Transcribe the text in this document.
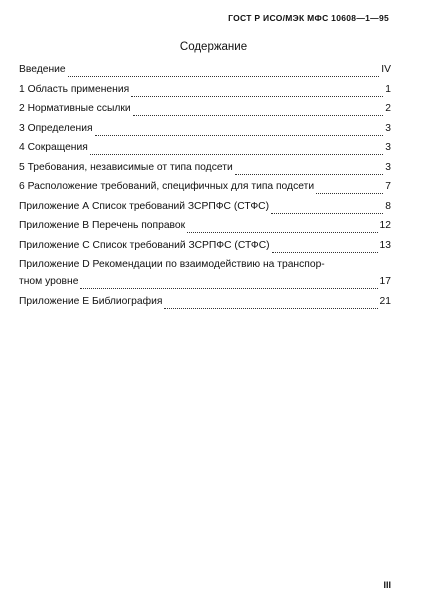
ГОСТ Р ИСО/МЭК МФС 10608—1—95
Содержание
Введение	IV
1 Область применения	1
2 Нормативные ссылки	2
3 Определения	3
4 Сокращения	3
5 Требования, независимые от типа подсети	3
6 Расположение требований, специфичных для типа подсети	7
Приложение А Список требований ЗСРПФС (СТФС)	8
Приложение В Перечень поправок	12
Приложение С Список требований ЗСРПФС (СТФС)	13
Приложение D Рекомендации по взаимодействию на транспор-
тном уровне	17
Приложение Е Библиография	21
III
